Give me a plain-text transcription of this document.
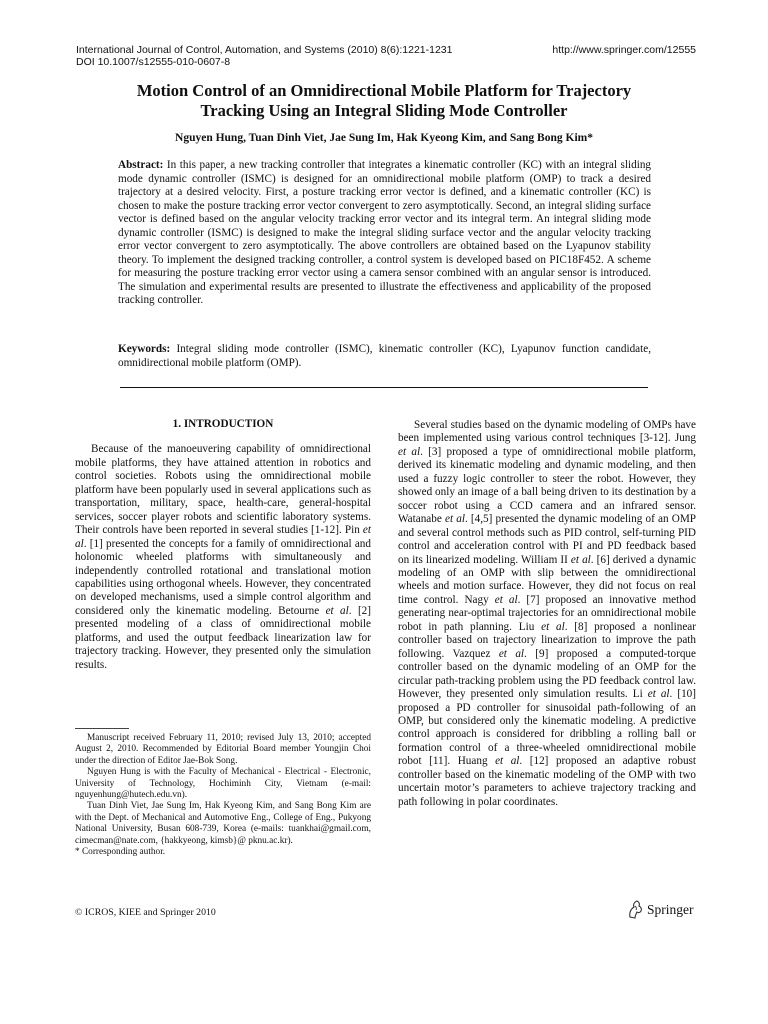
International Journal of Control, Automation, and Systems (2010) 8(6):1221-1231
DOI 10.1007/s12555-010-0607-8
http://www.springer.com/12555
Motion Control of an Omnidirectional Mobile Platform for Trajectory
Tracking Using an Integral Sliding Mode Controller
Nguyen Hung, Tuan Dinh Viet, Jae Sung Im, Hak Kyeong Kim, and Sang Bong Kim*
Abstract: In this paper, a new tracking controller that integrates a kinematic controller (KC) with an integral sliding mode dynamic controller (ISMC) is designed for an omnidirectional mobile platform (OMP) to track a desired trajectory at a desired velocity. First, a posture tracking error vector is defined, and a kinematic controller (KC) is chosen to make the posture tracking error vector convergent to zero asymptotically. Second, an integral sliding surface vector is defined based on the angular velocity tracking error vector and its integral term. An integral sliding mode dynamic controller (ISMC) is designed to make the integral sliding surface vector and the angular velocity tracking error vector convergent to zero asymptotically. The above controllers are obtained based on the Lyapunov stability theory. To implement the designed tracking controller, a control system is developed based on PIC18F452. A scheme for measuring the posture tracking error vector using a camera sensor combined with an angular sensor is introduced. The simulation and experimental results are presented to illustrate the effectiveness and applicability of the proposed tracking controller.
Keywords: Integral sliding mode controller (ISMC), kinematic controller (KC), Lyapunov function candidate, omnidirectional mobile platform (OMP).
1. INTRODUCTION

Because of the manoeuvering capability of omnidirectional mobile platforms, they have attained attention in robotics and control societies. Robots using the omnidirectional mobile platform have been popularly used in several applications such as transportation, military, space, health-care, general-hospital services, soccer player robots and scientific laboratory systems. Their controls have been reported in several studies [1-12]. Pin et al. [1] presented the concepts for a family of omnidirectional and holonomic wheeled platforms with simultaneously and independently controlled rotational and translational motion capabilities using orthogonal wheels. However, they concentrated on developed mechanisms, used a simple control algorithm and considered only the kinematic modeling. Betourne et al. [2] presented modeling of a class of omnidirectional mobile platforms, and used the output feedback linearization law for trajectory tracking. However, they presented only the simulation results.

Manuscript received February 11, 2010; revised July 13, 2010; accepted August 2, 2010. Recommended by Editorial Board member Youngjin Choi under the direction of Editor Jae-Bok Song.

Nguyen Hung is with the Faculty of Mechanical - Electrical - Electronic, University of Technology, Hochiminh City, Vietnam (e-mail: nguyenhung@hutech.edu.vn).

Tuan Dinh Viet, Jae Sung Im, Hak Kyeong Kim, and Sang Bong Kim are with the Dept. of Mechanical and Automotive Eng., College of Eng., Pukyong National University, Busan 608-739, Korea (e-mails: tuankhai@gmail.com, cimecman@nate.com, {hakkyeong, kimsb}@ pknu.ac.kr).

* Corresponding author.

Several studies based on the dynamic modeling of OMPs have been implemented using various control techniques [3-12]. Jung et al. [3] proposed a type of omnidirectional mobile platform, derived its kinematic modeling and dynamic modeling, and then used a fuzzy logic controller to steer the robot. However, they showed only an image of a ball being driven to its destination by a soccer robot using a CCD camera and an infrared sensor. Watanabe et al. [4,5] presented the dynamic modeling of an OMP and several control methods such as PID control, self-turning PID control and acceleration control with PI and PD feedback based on its linearized modeling. William II et al. [6] derived a dynamic modeling of an OMP with slip between the omnidirectional wheels and motion surface. However, they did not focus on real time control. Nagy et al. [7] proposed an innovative method generating near-optimal trajectories for an omnidirectional mobile robot in path planning. Liu et al. [8] proposed a nonlinear controller based on trajectory linearization to improve the path following. Vazquez et al. [9] proposed a computed-torque controller based on the dynamic modeling of an OMP for the circular path-tracking problem using the PD feedback control law. However, they presented only simulation results. Li et al. [10] proposed a PD controller for sinusoidal path-following of an OMP, but considered only the kinematic modeling. A predictive control approach is considered for dribbling a rolling ball or formation control of a three-wheeled omnidirectional mobile robot [11]. Huang et al. [12] proposed an adaptive robust controller based on the kinematic modeling of the OMP with two uncertain motor’s parameters to achieve trajectory tracking and path following in polar coordinates.

© ICROS, KIEE and Springer 2010	Springer
